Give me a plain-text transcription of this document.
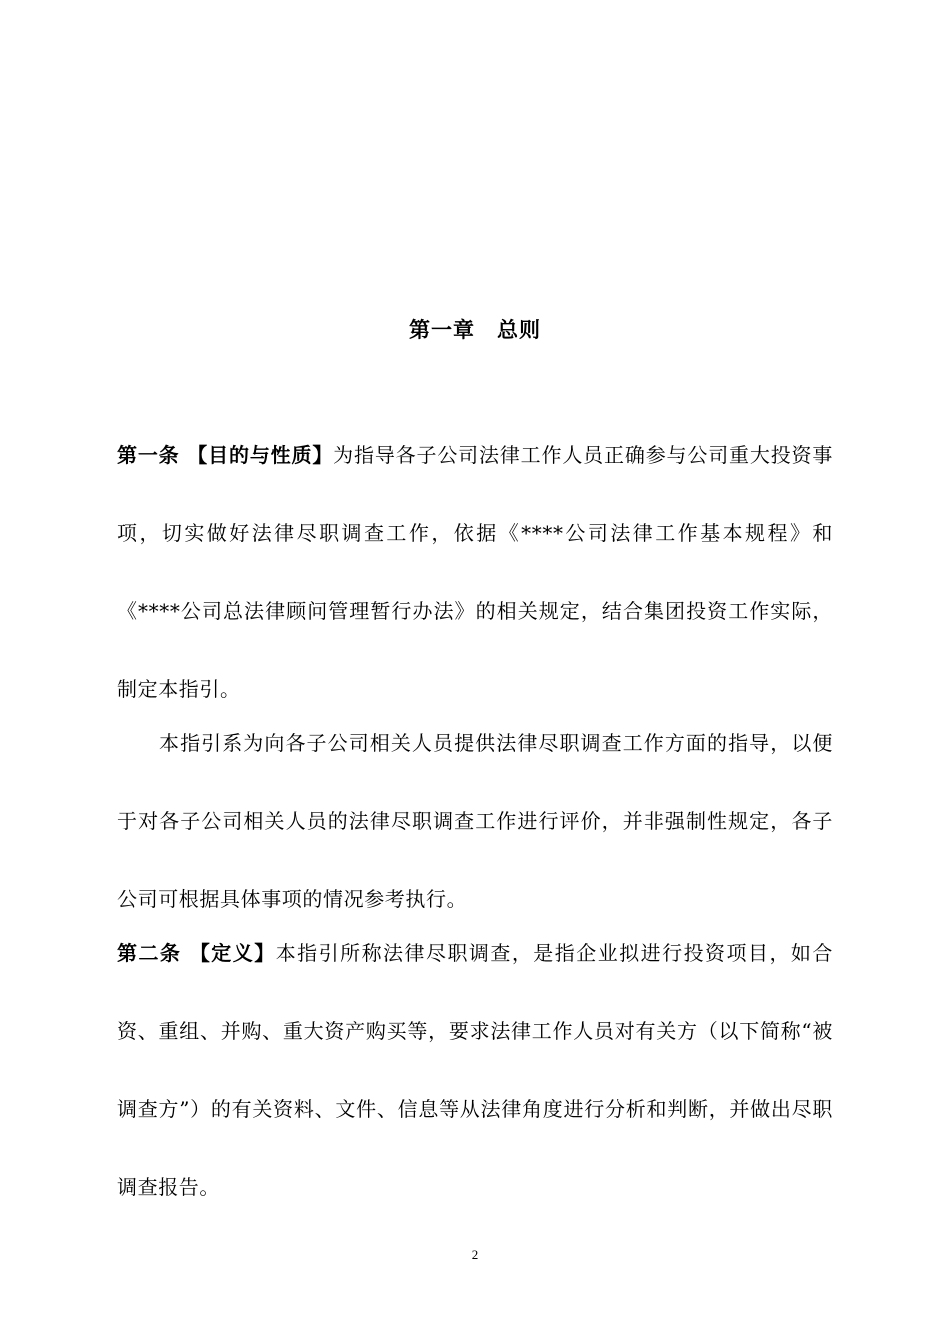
第一章 总则

第一条 【目的与性质】为指导各子公司法律工作人员正确参与公司重大投资事项，切实做好法律尽职调查工作，依据《****公司法律工作基本规程》和《****公司总法律顾问管理暂行办法》的相关规定，结合集团投资工作实际，制定本指引。

本指引系为向各子公司相关人员提供法律尽职调查工作方面的指导，以便于对各子公司相关人员的法律尽职调查工作进行评价，并非强制性规定，各子公司可根据具体事项的情况参考执行。

第二条 【定义】本指引所称法律尽职调查，是指企业拟进行投资项目，如合资、重组、并购、重大资产购买等，要求法律工作人员对有关方（以下简称“被调查方”）的有关资料、文件、信息等从法律角度进行分析和判断，并做出尽职调查报告。

2
